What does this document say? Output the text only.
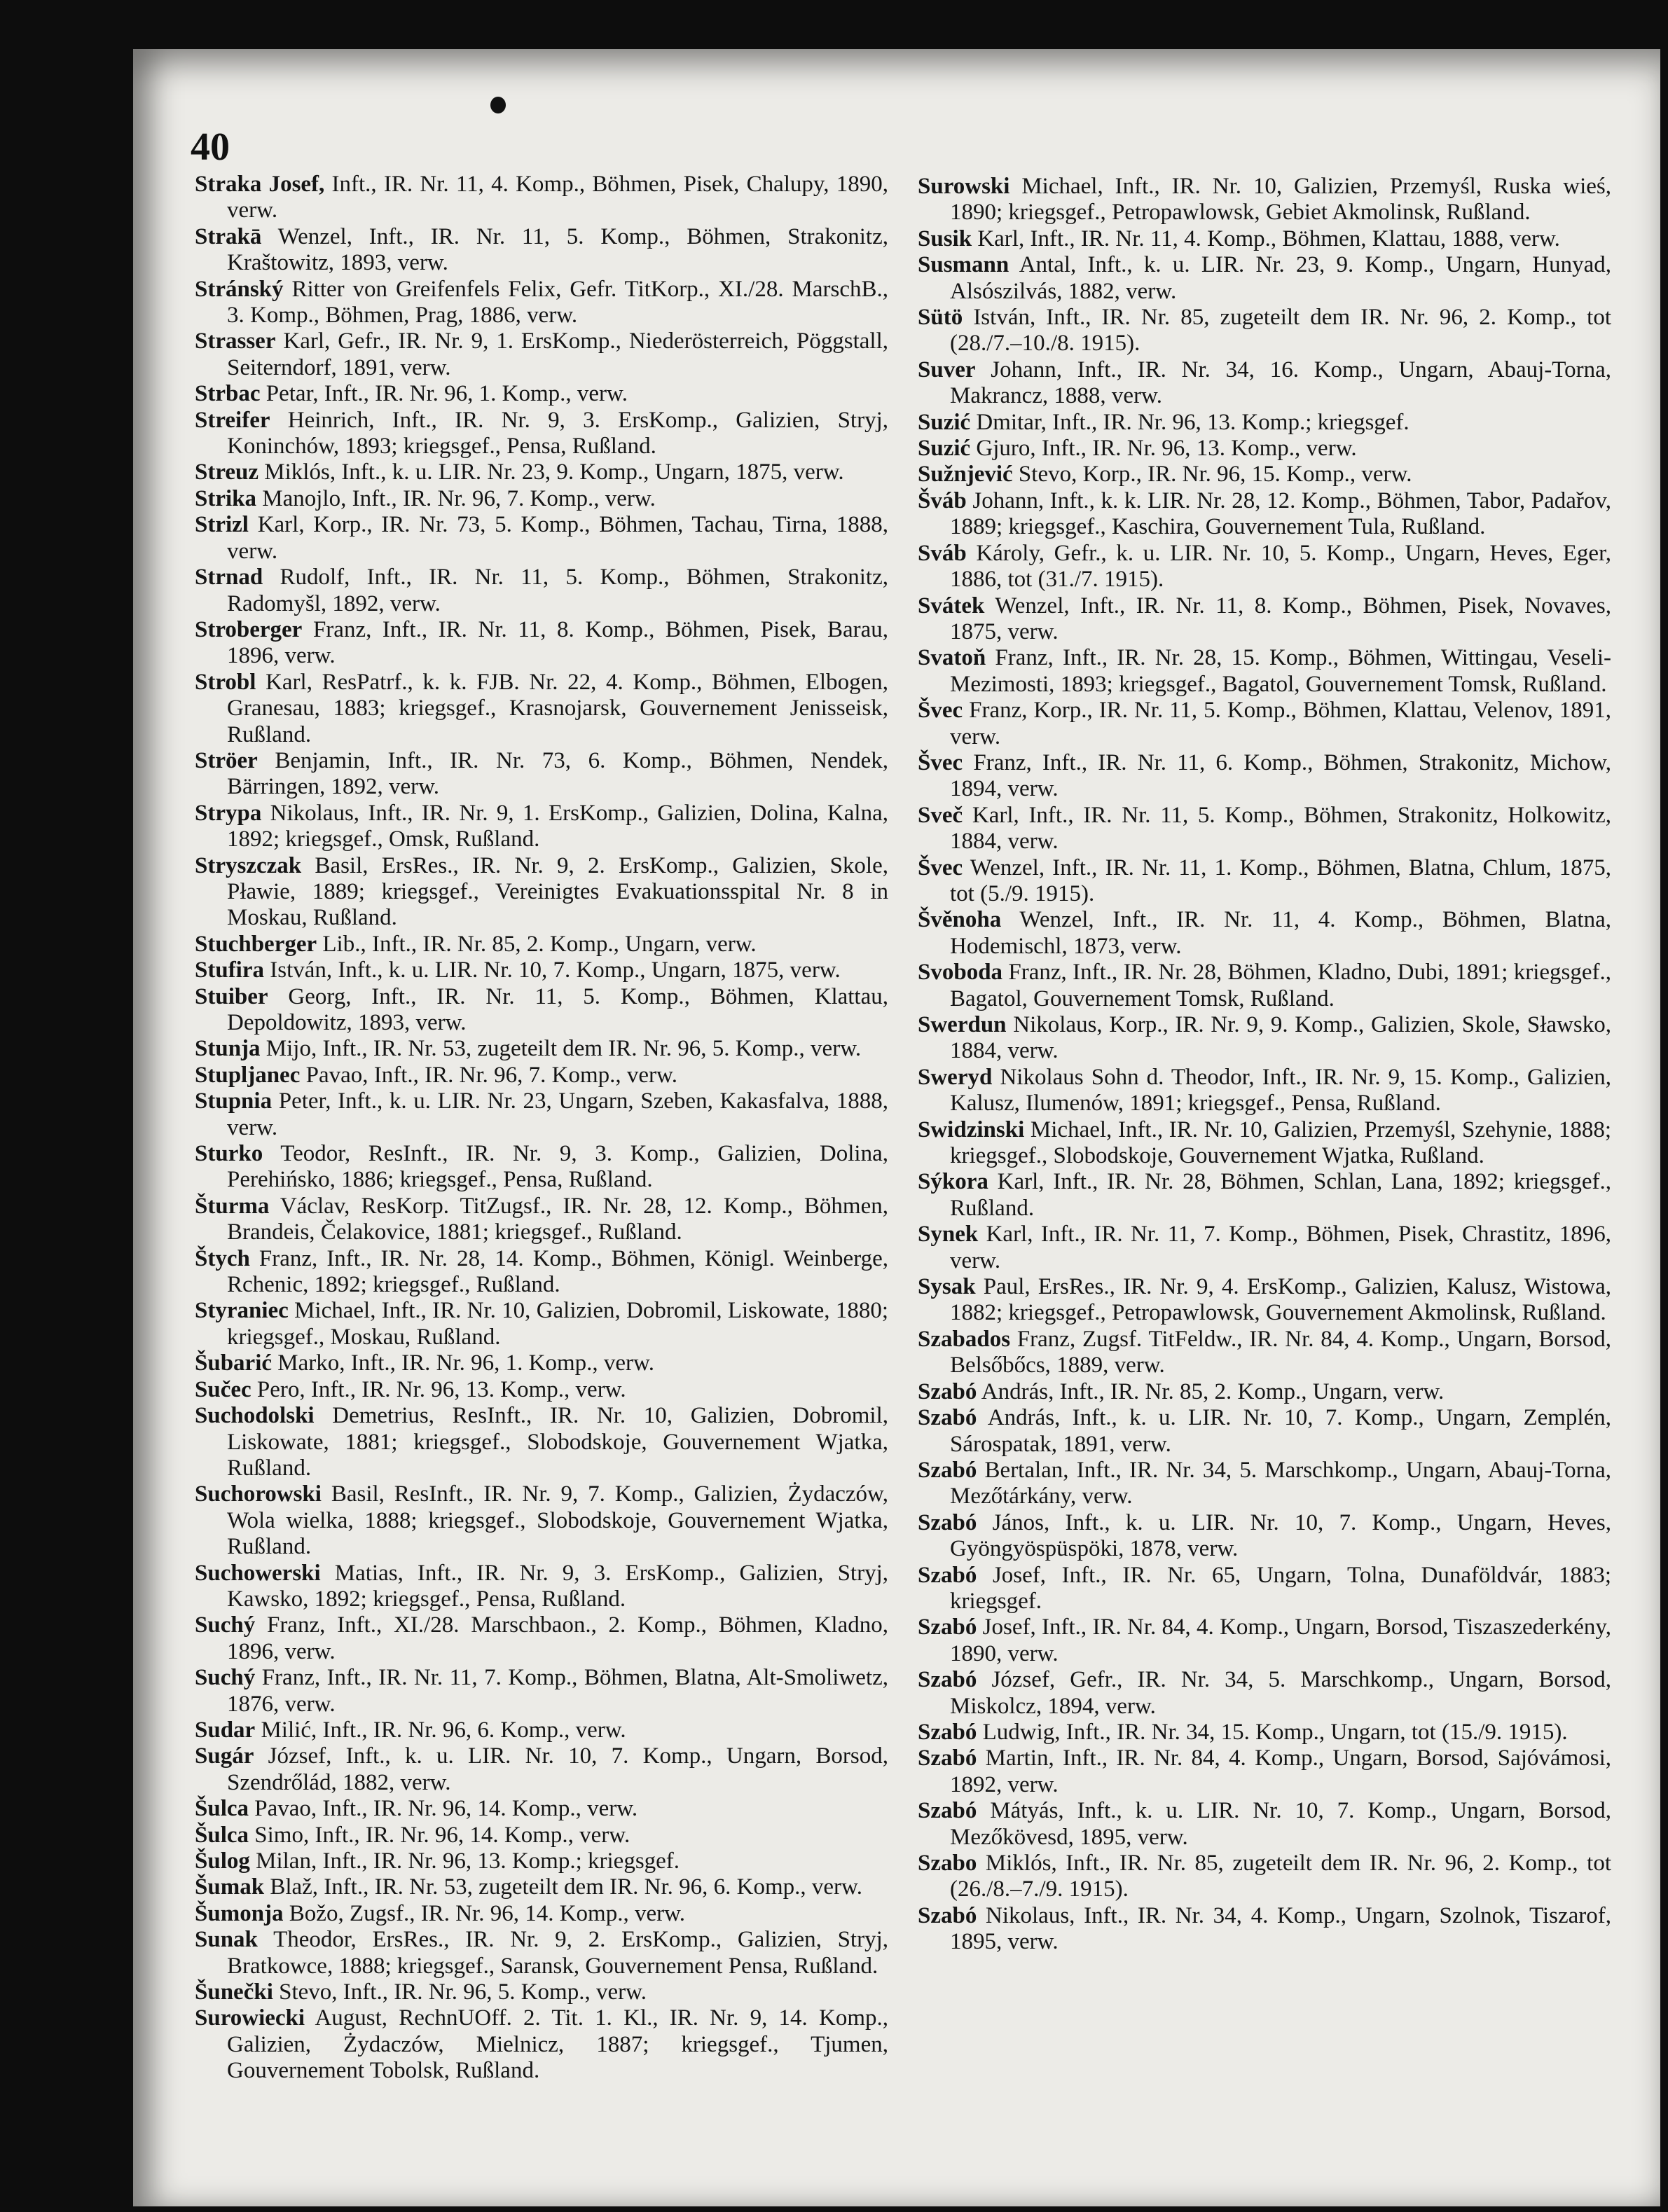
40
Straka Josef, Inft., IR. Nr. 11, 4. Komp., Böhmen, Pisek, Chalupy, 1890, verw.
Strakā Wenzel, Inft., IR. Nr. 11, 5. Komp., Böhmen, Strakonitz, Kraštowitz, 1893, verw.
Stránský Ritter von Greifenfels Felix, Gefr. TitKorp., XI./28. MarschB., 3. Komp., Böhmen, Prag, 1886, verw.
Strasser Karl, Gefr., IR. Nr. 9, 1. ErsKomp., Niederösterreich, Pöggstall, Seiterndorf, 1891, verw.
Strbac Petar, Inft., IR. Nr. 96, 1. Komp., verw.
Streifer Heinrich, Inft., IR. Nr. 9, 3. ErsKomp., Galizien, Stryj, Koninchów, 1893; kriegsgef., Pensa, Rußland.
Streuz Miklós, Inft., k. u. LIR. Nr. 23, 9. Komp., Ungarn, 1875, verw.
Strika Manojlo, Inft., IR. Nr. 96, 7. Komp., verw.
Strizl Karl, Korp., IR. Nr. 73, 5. Komp., Böhmen, Tachau, Tirna, 1888, verw.
Strnad Rudolf, Inft., IR. Nr. 11, 5. Komp., Böhmen, Strakonitz, Radomyšl, 1892, verw.
Stroberger Franz, Inft., IR. Nr. 11, 8. Komp., Böhmen, Pisek, Barau, 1896, verw.
Strobl Karl, ResPatrf., k. k. FJB. Nr. 22, 4. Komp., Böhmen, Elbogen, Granesau, 1883; kriegsgef., Krasnojarsk, Gouvernement Jenisseisk, Rußland.
Ströer Benjamin, Inft., IR. Nr. 73, 6. Komp., Böhmen, Nendek, Bärringen, 1892, verw.
Strypa Nikolaus, Inft., IR. Nr. 9, 1. ErsKomp., Galizien, Dolina, Kalna, 1892; kriegsgef., Omsk, Rußland.
Stryszczak Basil, ErsRes., IR. Nr. 9, 2. ErsKomp., Galizien, Skole, Pławie, 1889; kriegsgef., Vereinigtes Evakuationsspital Nr. 8 in Moskau, Rußland.
Stuchberger Lib., Inft., IR. Nr. 85, 2. Komp., Ungarn, verw.
Stufira István, Inft., k. u. LIR. Nr. 10, 7. Komp., Ungarn, 1875, verw.
Stuiber Georg, Inft., IR. Nr. 11, 5. Komp., Böhmen, Klattau, Depoldowitz, 1893, verw.
Stunja Mijo, Inft., IR. Nr. 53, zugeteilt dem IR. Nr. 96, 5. Komp., verw.
Stupljanec Pavao, Inft., IR. Nr. 96, 7. Komp., verw.
Stupnia Peter, Inft., k. u. LIR. Nr. 23, Ungarn, Szeben, Kakasfalva, 1888, verw.
Sturko Teodor, ResInft., IR. Nr. 9, 3. Komp., Galizien, Dolina, Perehińsko, 1886; kriegsgef., Pensa, Rußland.
Šturma Václav, ResKorp. TitZugsf., IR. Nr. 28, 12. Komp., Böhmen, Brandeis, Čelakovice, 1881; kriegsgef., Rußland.
Štych Franz, Inft., IR. Nr. 28, 14. Komp., Böhmen, Königl. Weinberge, Rchenic, 1892; kriegsgef., Rußland.
Styraniec Michael, Inft., IR. Nr. 10, Galizien, Dobromil, Liskowate, 1880; kriegsgef., Moskau, Rußland.
Šubarić Marko, Inft., IR. Nr. 96, 1. Komp., verw.
Sučec Pero, Inft., IR. Nr. 96, 13. Komp., verw.
Suchodolski Demetrius, ResInft., IR. Nr. 10, Galizien, Dobromil, Liskowate, 1881; kriegsgef., Slobodskoje, Gouvernement Wjatka, Rußland.
Suchorowski Basil, ResInft., IR. Nr. 9, 7. Komp., Galizien, Żydaczów, Wola wielka, 1888; kriegsgef., Slobodskoje, Gouvernement Wjatka, Rußland.
Suchowerski Matias, Inft., IR. Nr. 9, 3. ErsKomp., Galizien, Stryj, Kawsko, 1892; kriegsgef., Pensa, Rußland.
Suchý Franz, Inft., XI./28. Marschbaon., 2. Komp., Böhmen, Kladno, 1896, verw.
Suchý Franz, Inft., IR. Nr. 11, 7. Komp., Böhmen, Blatna, Alt-Smoliwetz, 1876, verw.
Sudar Milić, Inft., IR. Nr. 96, 6. Komp., verw.
Sugár József, Inft., k. u. LIR. Nr. 10, 7. Komp., Ungarn, Borsod, Szendrőlád, 1882, verw.
Šulca Pavao, Inft., IR. Nr. 96, 14. Komp., verw.
Šulca Simo, Inft., IR. Nr. 96, 14. Komp., verw.
Šulog Milan, Inft., IR. Nr. 96, 13. Komp.; kriegsgef.
Šumak Blaž, Inft., IR. Nr. 53, zugeteilt dem IR. Nr. 96, 6. Komp., verw.
Šumonja Božo, Zugsf., IR. Nr. 96, 14. Komp., verw.
Sunak Theodor, ErsRes., IR. Nr. 9, 2. ErsKomp., Galizien, Stryj, Bratkowce, 1888; kriegsgef., Saransk, Gouvernement Pensa, Rußland.
Šunečki Stevo, Inft., IR. Nr. 96, 5. Komp., verw.
Surowiecki August, RechnUOff. 2. Tit. 1. Kl., IR. Nr. 9, 14. Komp., Galizien, Żydaczów, Mielnicz, 1887; kriegsgef., Tjumen, Gouvernement Tobolsk, Rußland.
Surowski Michael, Inft., IR. Nr. 10, Galizien, Przemyśl, Ruska wieś, 1890; kriegsgef., Petropawlowsk, Gebiet Akmolinsk, Rußland.
Susik Karl, Inft., IR. Nr. 11, 4. Komp., Böhmen, Klattau, 1888, verw.
Susmann Antal, Inft., k. u. LIR. Nr. 23, 9. Komp., Ungarn, Hunyad, Alsószilvás, 1882, verw.
Sütö István, Inft., IR. Nr. 85, zugeteilt dem IR. Nr. 96, 2. Komp., tot (28./7.–10./8. 1915).
Suver Johann, Inft., IR. Nr. 34, 16. Komp., Ungarn, Abauj-Torna, Makrancz, 1888, verw.
Suzić Dmitar, Inft., IR. Nr. 96, 13. Komp.; kriegsgef.
Suzić Gjuro, Inft., IR. Nr. 96, 13. Komp., verw.
Sužnjević Stevo, Korp., IR. Nr. 96, 15. Komp., verw.
Šváb Johann, Inft., k. k. LIR. Nr. 28, 12. Komp., Böhmen, Tabor, Padařov, 1889; kriegsgef., Kaschira, Gouvernement Tula, Rußland.
Sváb Károly, Gefr., k. u. LIR. Nr. 10, 5. Komp., Ungarn, Heves, Eger, 1886, tot (31./7. 1915).
Svátek Wenzel, Inft., IR. Nr. 11, 8. Komp., Böhmen, Pisek, Novaves, 1875, verw.
Svatoň Franz, Inft., IR. Nr. 28, 15. Komp., Böhmen, Wittingau, Veseli-Mezimosti, 1893; kriegsgef., Bagatol, Gouvernement Tomsk, Rußland.
Švec Franz, Korp., IR. Nr. 11, 5. Komp., Böhmen, Klattau, Velenov, 1891, verw.
Švec Franz, Inft., IR. Nr. 11, 6. Komp., Böhmen, Strakonitz, Michow, 1894, verw.
Sveč Karl, Inft., IR. Nr. 11, 5. Komp., Böhmen, Strakonitz, Holkowitz, 1884, verw.
Švec Wenzel, Inft., IR. Nr. 11, 1. Komp., Böhmen, Blatna, Chlum, 1875, tot (5./9. 1915).
Švěnoha Wenzel, Inft., IR. Nr. 11, 4. Komp., Böhmen, Blatna, Hodemischl, 1873, verw.
Svoboda Franz, Inft., IR. Nr. 28, Böhmen, Kladno, Dubi, 1891; kriegsgef., Bagatol, Gouvernement Tomsk, Rußland.
Swerdun Nikolaus, Korp., IR. Nr. 9, 9. Komp., Galizien, Skole, Sławsko, 1884, verw.
Sweryd Nikolaus Sohn d. Theodor, Inft., IR. Nr. 9, 15. Komp., Galizien, Kalusz, Ilumenów, 1891; kriegsgef., Pensa, Rußland.
Swidzinski Michael, Inft., IR. Nr. 10, Galizien, Przemyśl, Szehynie, 1888; kriegsgef., Slobodskoje, Gouvernement Wjatka, Rußland.
Sýkora Karl, Inft., IR. Nr. 28, Böhmen, Schlan, Lana, 1892; kriegsgef., Rußland.
Synek Karl, Inft., IR. Nr. 11, 7. Komp., Böhmen, Pisek, Chrastitz, 1896, verw.
Sysak Paul, ErsRes., IR. Nr. 9, 4. ErsKomp., Galizien, Kalusz, Wistowa, 1882; kriegsgef., Petropawlowsk, Gouvernement Akmolinsk, Rußland.
Szabados Franz, Zugsf. TitFeldw., IR. Nr. 84, 4. Komp., Ungarn, Borsod, Belsőbőcs, 1889, verw.
Szabó András, Inft., IR. Nr. 85, 2. Komp., Ungarn, verw.
Szabó András, Inft., k. u. LIR. Nr. 10, 7. Komp., Ungarn, Zemplén, Sárospatak, 1891, verw.
Szabó Bertalan, Inft., IR. Nr. 34, 5. Marschkomp., Ungarn, Abauj-Torna, Mezőtárkány, verw.
Szabó János, Inft., k. u. LIR. Nr. 10, 7. Komp., Ungarn, Heves, Gyöngyöspüspöki, 1878, verw.
Szabó Josef, Inft., IR. Nr. 65, Ungarn, Tolna, Dunaföldvár, 1883; kriegsgef.
Szabó Josef, Inft., IR. Nr. 84, 4. Komp., Ungarn, Borsod, Tiszaszederkény, 1890, verw.
Szabó József, Gefr., IR. Nr. 34, 5. Marschkomp., Ungarn, Borsod, Miskolcz, 1894, verw.
Szabó Ludwig, Inft., IR. Nr. 34, 15. Komp., Ungarn, tot (15./9. 1915).
Szabó Martin, Inft., IR. Nr. 84, 4. Komp., Ungarn, Borsod, Sajóvámosi, 1892, verw.
Szabó Mátyás, Inft., k. u. LIR. Nr. 10, 7. Komp., Ungarn, Borsod, Mezőkövesd, 1895, verw.
Szabo Miklós, Inft., IR. Nr. 85, zugeteilt dem IR. Nr. 96, 2. Komp., tot (26./8.–7./9. 1915).
Szabó Nikolaus, Inft., IR. Nr. 34, 4. Komp., Ungarn, Szolnok, Tiszarof, 1895, verw.
